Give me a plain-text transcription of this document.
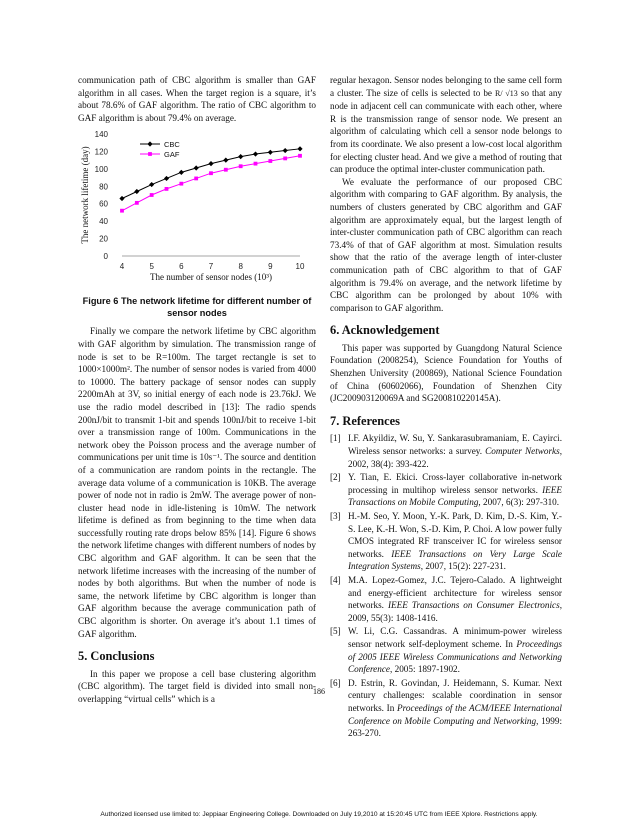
communication path of CBC algorithm is smaller than GAF algorithm in all cases. When the target region is a square, it’s about 78.6% of GAF algorithm. The ratio of CBC algorithm to GAF algorithm is about 79.4% on average.

0
20
40
60
80
100
120
140
4	5	6	7	8	9	10
The number of sensor nodes (10³)
The network lifetime (day)
CBC
GAF
Figure 6 The network lifetime for different number of sensor nodes

Finally we compare the network lifetime by CBC algorithm with GAF algorithm by simulation. The transmission range of node is set to be R=100m. The target rectangle is set to 1000×1000m². The number of sensor nodes is varied from 4000 to 10000. The battery package of sensor nodes can supply 2200mAh at 3V, so initial energy of each node is 23.76kJ. We use the radio model described in [13]: The radio spends 200nJ/bit to transmit 1-bit and spends 100nJ/bit to receive 1-bit over a transmission range of 100m. Communications in the network obey the Poisson process and the average number of communications per unit time is 10s⁻¹. The source and dentition of a communication are random points in the rectangle. The average data volume of a communication is 10KB. The average power of node not in radio is 2mW. The average power of non-cluster head node in idle-listening is 10mW. The network lifetime is defined as from beginning to the time when data successfully routing rate drops below 85% [14]. Figure 6 shows the network lifetime changes with different numbers of nodes by CBC algorithm and GAF algorithm. It can be seen that the network lifetime increases with the increasing of the number of nodes by both algorithms. But when the number of node is same, the network lifetime by CBC algorithm is longer than GAF algorithm because the average communication path of CBC algorithm is shorter. On average it’s about 1.1 times of GAF algorithm.

5. Conclusions

In this paper we propose a cell base clustering algorithm (CBC algorithm). The target field is divided into small non-overlapping “virtual cells” which is a

regular hexagon. Sensor nodes belonging to the same cell form a cluster. The size of cells is selected to be R/ √13 so that any node in adjacent cell can communicate with each other, where R is the transmission range of sensor node. We present an algorithm of calculating which cell a sensor node belongs to from its coordinate. We also present a low-cost local algorithm for electing cluster head. And we give a method of routing that can produce the optimal inter-cluster communication path.

We evaluate the performance of our proposed CBC algorithm with comparing to GAF algorithm. By analysis, the numbers of clusters generated by CBC algorithm and GAF algorithm are approximately equal, but the largest length of inter-cluster communication path of CBC algorithm can reach 73.4% of that of GAF algorithm at most. Simulation results show that the ratio of the average length of inter-cluster communication path of CBC algorithm to that of GAF algorithm is 79.4% on average, and the network lifetime by CBC algorithm can be prolonged by about 10% with comparison to GAF algorithm.

6. Acknowledgement

This paper was supported by Guangdong Natural Science Foundation (2008254), Science Foundation for Youths of Shenzhen University (200869), National Science Foundation of China (60602066), Foundation of Shenzhen City (JC200903120069A and SG200810220145A).

7. References
[1] I.F. Akyildiz, W. Su, Y. Sankarasubramaniam, E. Cayirci. Wireless sensor networks: a survey. Computer Networks, 2002, 38(4): 393-422.
[2] Y. Tian, E. Ekici. Cross-layer collaborative in-network processing in multihop wireless sensor networks. IEEE Transactions on Mobile Computing, 2007, 6(3): 297-310.
[3] H.-M. Seo, Y. Moon, Y.-K. Park, D. Kim, D.-S. Kim, Y.-S. Lee, K.-H. Won, S.-D. Kim, P. Choi. A low power fully CMOS integrated RF transceiver IC for wireless sensor networks. IEEE Transactions on Very Large Scale Integration Systems, 2007, 15(2): 227-231.
[4] M.A. Lopez-Gomez, J.C. Tejero-Calado. A lightweight and energy-efficient architecture for wireless sensor networks. IEEE Transactions on Consumer Electronics, 2009, 55(3): 1408-1416.
[5] W. Li, C.G. Cassandras. A minimum-power wireless sensor network self-deployment scheme. In Proceedings of 2005 IEEE Wireless Communications and Networking Conference, 2005: 1897-1902.
[6] D. Estrin, R. Govindan, J. Heidemann, S. Kumar. Next century challenges: scalable coordination in sensor networks. In Proceedings of the ACM/IEEE International Conference on Mobile Computing and Networking, 1999: 263-270.
186
Authorized licensed use limited to: Jeppiaar Engineering College. Downloaded on July 19,2010 at 15:20:45 UTC from IEEE Xplore. Restrictions apply.
